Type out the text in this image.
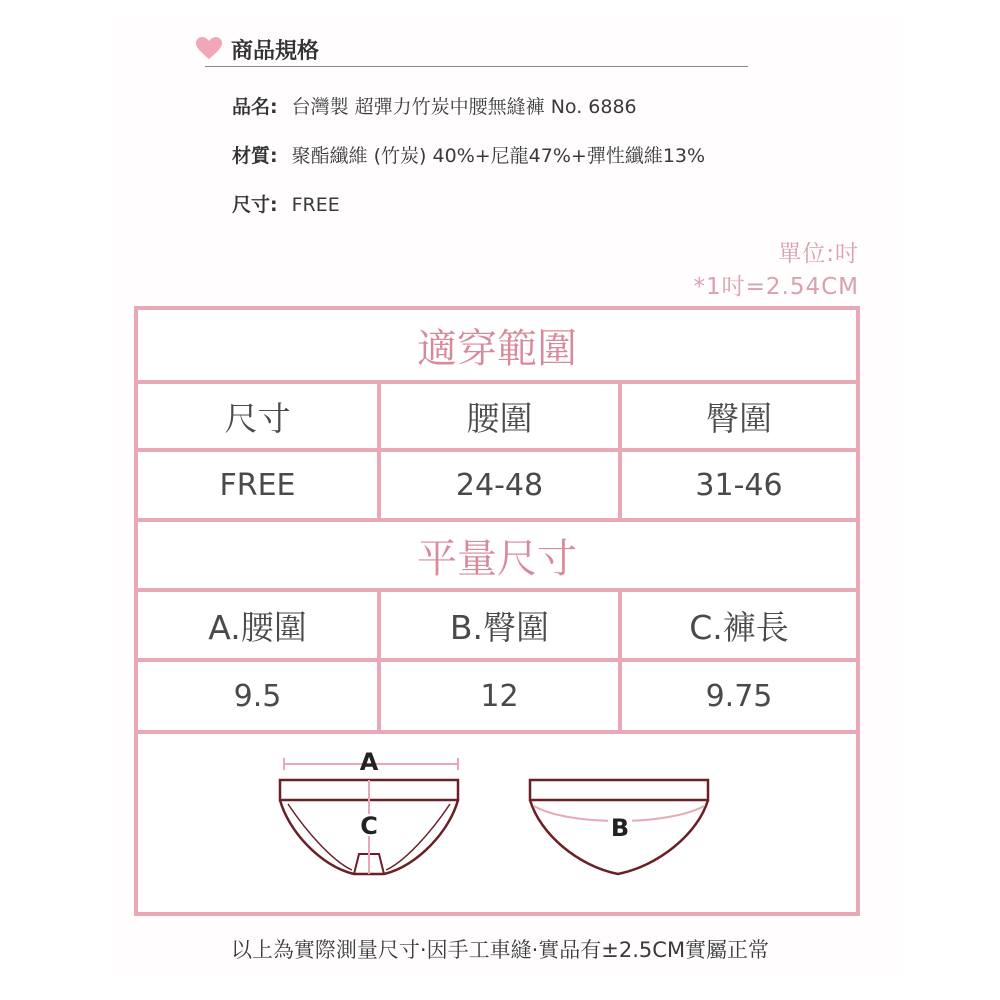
商品規格
品名: 台灣製 超彈力竹炭中腰無縫褲 No. 6886
材質: 聚酯纖維 (竹炭) 40%+尼龍47%+彈性纖維13%
尺寸: FREE
單位:吋
*1吋=2.54CM
適穿範圍
尺寸	腰圍	臀圍
FREE	24-48	31-46
平量尺寸
A.腰圍	B.臀圍	C.褲長
9.5	12	9.75
A
C	B
以上為實際測量尺寸·因手工車縫·實品有±2.5CM實屬正常
